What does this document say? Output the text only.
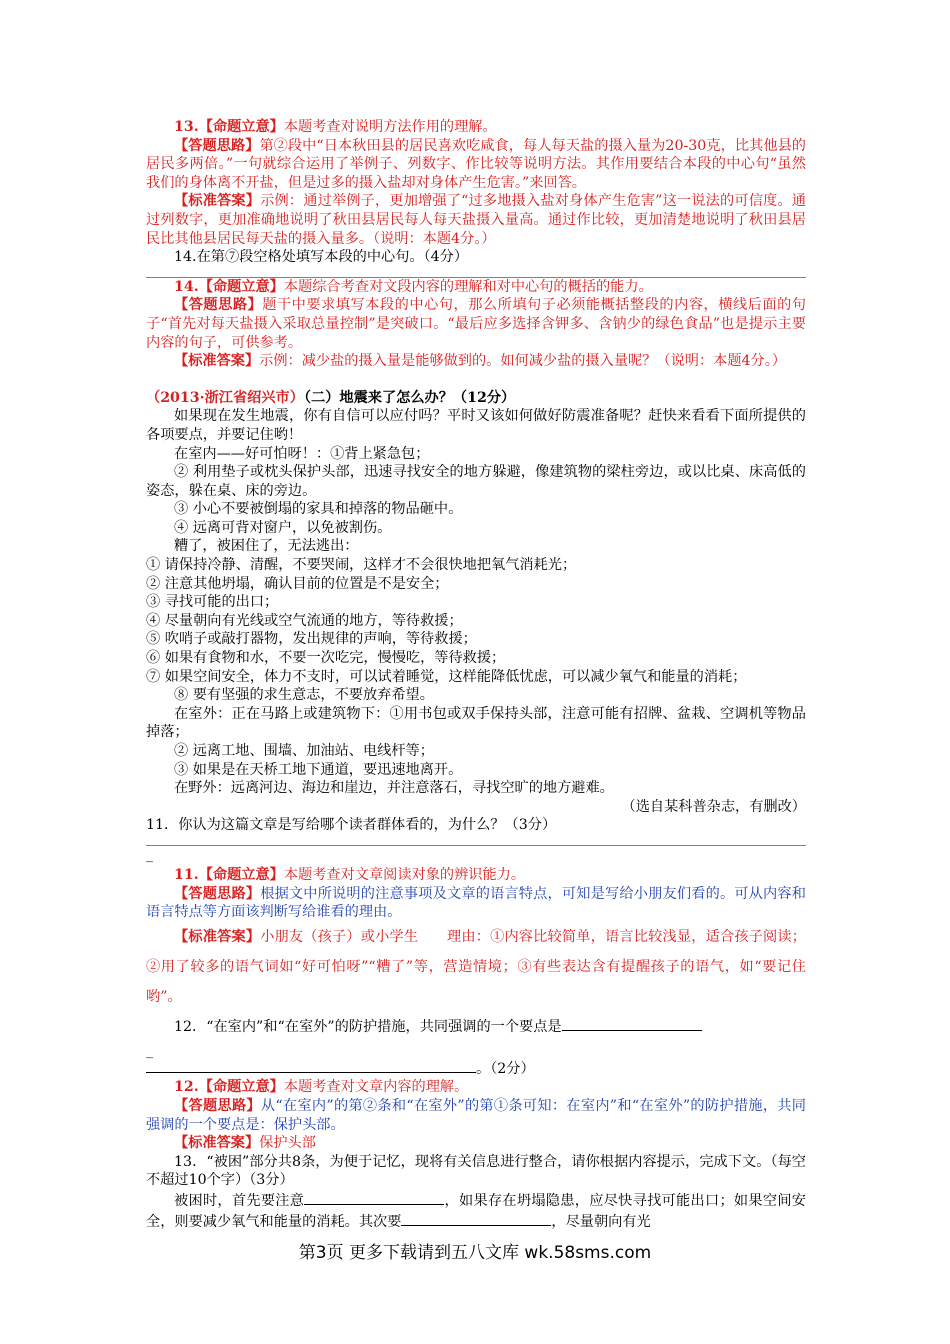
13.【命题立意】本题考查对说明方法作用的理解。

【答题思路】第②段中“日本秋田县的居民喜欢吃咸食，每人每天盐的摄入量为20-30克，比其他县的居民多两倍。”一句就综合运用了举例子、列数字、作比较等说明方法。其作用要结合本段的中心句“虽然我们的身体离不开盐，但是过多的摄入盐却对身体产生危害。”来回答。

【标准答案】示例：通过举例子，更加增强了“过多地摄入盐对身体产生危害”这一说法的可信度。通过列数字，更加准确地说明了秋田县居民每人每天盐摄入量高。通过作比较，更加清楚地说明了秋田县居民比其他县居民每天盐的摄入量多。（说明：本题4分。）

14.在第⑦段空格处填写本段的中心句。（4分）

14.【命题立意】本题综合考查对文段内容的理解和对中心句的概括的能力。

【答题思路】题干中要求填写本段的中心句，那么所填句子必须能概括整段的内容，横线后面的句子“首先对每天盐摄入采取总量控制”是突破口。“最后应多选择含钾多、含钠少的绿色食品”也是提示主要内容的句子，可供参考。

【标准答案】示例：减少盐的摄入量是能够做到的。如何减少盐的摄入量呢？（说明：本题4分。）

（2013·浙江省绍兴市）（二）地震来了怎么办？（12分）

如果现在发生地震，你有自信可以应付吗？平时又该如何做好防震准备呢？赶快来看看下面所提供的各项要点，并要记住哟！

在室内——好可怕呀！：①背上紧急包；

② 利用垫子或枕头保护头部，迅速寻找安全的地方躲避，像建筑物的梁柱旁边，或以比桌、床高低的姿态，躲在桌、床的旁边。

③ 小心不要被倒塌的家具和掉落的物品砸中。

④ 远离可背对窗户，以免被割伤。

糟了，被困住了，无法逃出：

① 请保持冷静、清醒，不要哭闹，这样才不会很快地把氧气消耗光；

② 注意其他坍塌，确认目前的位置是不是安全；

③ 寻找可能的出口；

④ 尽量朝向有光线或空气流通的地方，等待救援；

⑤ 吹哨子或敲打器物，发出规律的声响，等待救援；

⑥ 如果有食物和水，不要一次吃完，慢慢吃，等待救援；

⑦ 如果空间安全，体力不支时，可以试着睡觉，这样能降低忧虑，可以减少氧气和能量的消耗；

⑧ 要有坚强的求生意志，不要放弃希望。

在室外：正在马路上或建筑物下：①用书包或双手保持头部，注意可能有招牌、盆栽、空调机等物品掉落；

② 远离工地、围墙、加油站、电线杆等；

③ 如果是在天桥工地下通道，要迅速地离开。

在野外：远离河边、海边和崖边，并注意落石，寻找空旷的地方避难。

（选自某科普杂志，有删改）

11．你认为这篇文章是写给哪个读者群体看的，为什么？（3分）

_

11.【命题立意】本题考查对文章阅读对象的辨识能力。

【答题思路】根据文中所说明的注意事项及文章的语言特点，可知是写给小朋友们看的。可从内容和语言特点等方面该判断写给谁看的理由。

【标准答案】小朋友（孩子）或小学生　　理由：①内容比较简单，语言比较浅显，适合孩子阅读；②用了较多的语气词如“好可怕呀”“糟了”等，营造情境；③有些表达含有提醒孩子的语气，如“要记住哟”。

12．“在室内”和“在室外”的防护措施，共同强调的一个要点是

_

。（2分）

12.【命题立意】本题考查对文章内容的理解。

【答题思路】从“在室内”的第②条和“在室外”的第①条可知：在室内”和“在室外”的防护措施，共同强调的一个要点是：保护头部。

【标准答案】保护头部

13．“被困”部分共8条，为便于记忆，现将有关信息进行整合，请你根据内容提示，完成下文。（每空不超过10个字）（3分）

被困时，首先要注意	，如果存在坍塌隐患，应尽快寻找可能出口；如果空间安全，则要减少氧气和能量的消耗。其次要	，尽量朝向有光

第3页 更多下载请到五八文库 wk.58sms.com
